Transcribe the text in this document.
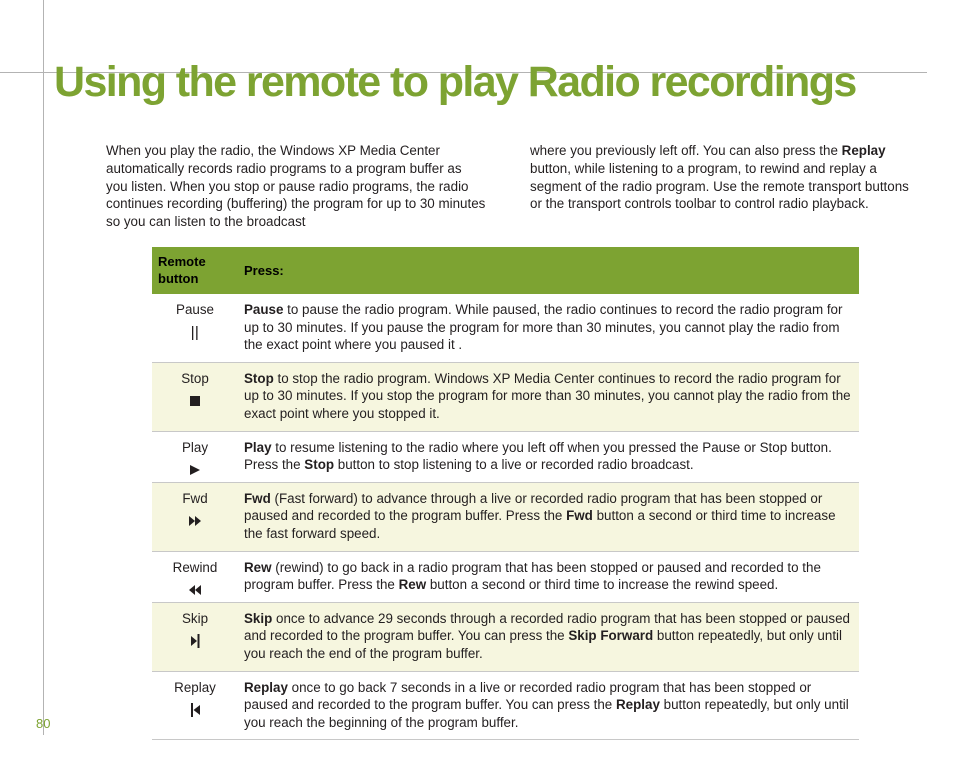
Using the remote to play Radio recordings

When you play the radio, the Windows XP Media Center automatically records radio programs to a program buffer as you listen. When you stop or pause radio programs, the radio continues recording (buffering) the program for up to 30 minutes so you can listen to the broadcast

where you previously left off. You can also press the Replay button, while listening to a program, to rewind and replay a segment of the radio program. Use the remote transport buttons or the transport controls toolbar to control radio playback.

Remote button	Press:

Pause	Pause to pause the radio program. While paused, the radio continues to record the radio program for up to 30 minutes. If you pause the program for more than 30 minutes, you cannot play the radio from the exact point where you paused it .

Stop	Stop to stop the radio program. Windows XP Media Center continues to record the radio program for up to 30 minutes. If you stop the program for more than 30 minutes, you cannot play the radio from the exact point where you stopped it.

Play	Play to resume listening to the radio where you left off when you pressed the Pause or Stop button. Press the Stop button to stop listening to a live or recorded radio broadcast.

Fwd	Fwd (Fast forward) to advance through a live or recorded radio program that has been stopped or paused and recorded to the program buffer. Press the Fwd button a second or third time to increase the fast forward speed.

Rewind	Rew (rewind) to go back in a radio program that has been stopped or paused and recorded to the program buffer. Press the Rew button a second or third time to increase the rewind speed.

Skip	Skip once to advance 29 seconds through a recorded radio program that has been stopped or paused and recorded to the program buffer. You can press the Skip Forward button repeatedly, but only until you reach the end of the program buffer.

Replay	Replay once to go back 7 seconds in a live or recorded radio program that has been stopped or paused and recorded to the program buffer. You can press the Replay button repeatedly, but only until you reach the beginning of the program buffer.
80
